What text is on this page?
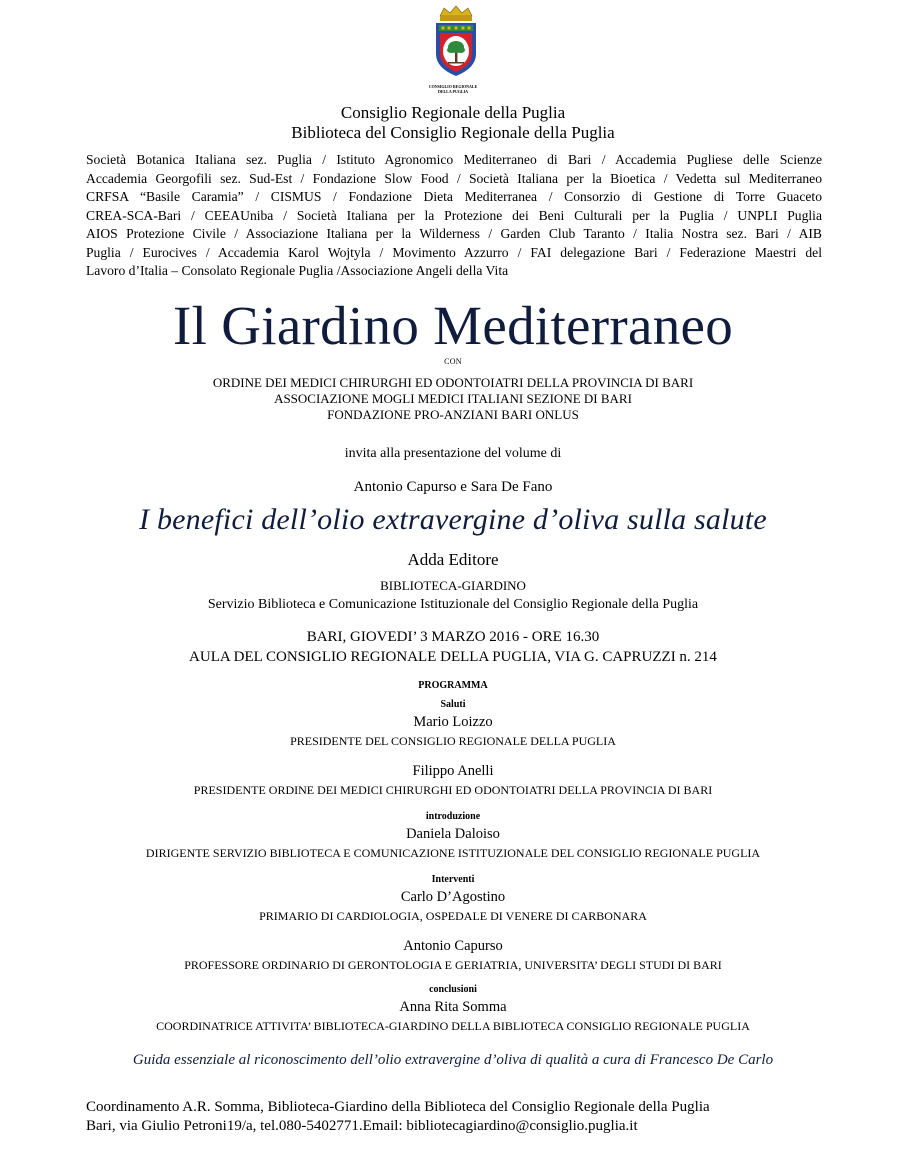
CONSIGLIO REGIONALE
DELLA PUGLIA
Consiglio Regionale della Puglia
Biblioteca del Consiglio Regionale della Puglia
Società Botanica Italiana sez. Puglia / Istituto Agronomico Mediterraneo di Bari / Accademia Pugliese delle Scienze
Accademia Georgofili sez. Sud-Est / Fondazione Slow Food / Società Italiana per la Bioetica / Vedetta sul Mediterraneo
CRFSA “Basile Caramia” / CISMUS / Fondazione Dieta Mediterranea / Consorzio di Gestione di Torre Guaceto
CREA-SCA-Bari / CEEAUniba / Società Italiana per la Protezione dei Beni Culturali per la Puglia / UNPLI Puglia
AIOS Protezione Civile / Associazione Italiana per la Wilderness / Garden Club Taranto / Italia Nostra sez. Bari / AIB
Puglia / Eurocives / Accademia Karol Wojtyla / Movimento Azzurro / FAI delegazione Bari / Federazione Maestri del
Lavoro d’Italia – Consolato Regionale Puglia /Associazione Angeli della Vita
Il Giardino Mediterraneo
CON
ORDINE DEI MEDICI CHIRURGHI ED ODONTOIATRI DELLA PROVINCIA DI BARI
ASSOCIAZIONE MOGLI MEDICI ITALIANI SEZIONE DI BARI
FONDAZIONE PRO-ANZIANI BARI ONLUS
invita alla presentazione del volume di
Antonio Capurso e Sara De Fano
I benefici dell’olio extravergine d’oliva sulla salute
Adda Editore
BIBLIOTECA-GIARDINO
Servizio Biblioteca e Comunicazione Istituzionale del Consiglio Regionale della Puglia
BARI, GIOVEDI’ 3 MARZO 2016 - ORE 16.30
AULA DEL CONSIGLIO REGIONALE DELLA PUGLIA, VIA G. CAPRUZZI n. 214
PROGRAMMA
Saluti
Mario Loizzo
PRESIDENTE DEL CONSIGLIO REGIONALE DELLA PUGLIA
Filippo Anelli
PRESIDENTE ORDINE DEI MEDICI CHIRURGHI ED ODONTOIATRI DELLA PROVINCIA DI BARI
introduzione
Daniela Daloiso
DIRIGENTE SERVIZIO BIBLIOTECA E COMUNICAZIONE ISTITUZIONALE DEL CONSIGLIO REGIONALE PUGLIA
Interventi
Carlo D’Agostino
PRIMARIO DI CARDIOLOGIA, OSPEDALE DI VENERE DI CARBONARA
Antonio Capurso
PROFESSORE ORDINARIO DI GERONTOLOGIA E GERIATRIA, UNIVERSITA’ DEGLI STUDI DI BARI
conclusioni
Anna Rita Somma
COORDINATRICE ATTIVITA’ BIBLIOTECA-GIARDINO DELLA BIBLIOTECA CONSIGLIO REGIONALE PUGLIA
Guida essenziale al riconoscimento dell’olio extravergine d’oliva di qualità a cura di Francesco De Carlo
Coordinamento A.R. Somma, Biblioteca-Giardino della Biblioteca del Consiglio Regionale della Puglia
Bari, via Giulio Petroni19/a, tel.080-5402771.Email: bibliotecagiardino@consiglio.puglia.it
